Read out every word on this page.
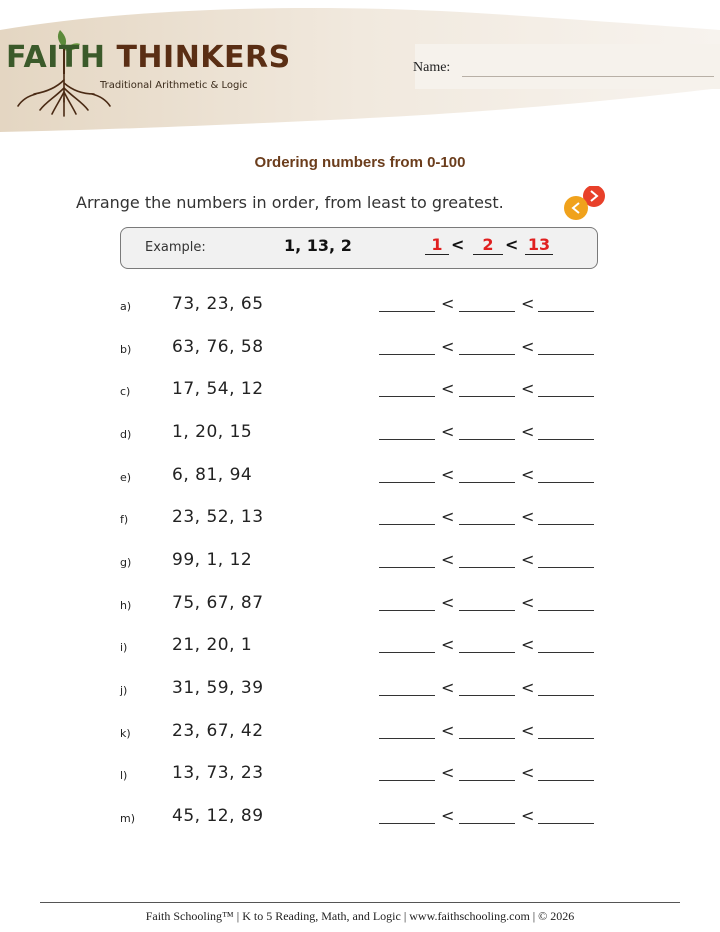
FAITH THINKERS
Traditional Arithmetic & Logic
Name:
Ordering numbers from 0-100
Arrange the numbers in order, from least to greatest.
Example:	1, 13, 2	1 <	2 < 13
a) 73, 23, 65	<	<
b) 63, 76, 58	<	<
c) 17, 54, 12	<	<
d) 1, 20, 15	<	<
e) 6, 81, 94	<	<
f)	23, 52, 13	<	<
g) 99, 1, 12	<	<
h) 75, 67, 87	<	<
i)	21, 20, 1	<	<
j)	31, 59, 39	<	<
k) 23, 67, 42	<	<
l)	13, 73, 23	<	<
m) 45, 12, 89	<	<
Faith Schooling™ | K to 5 Reading, Math, and Logic | www.faithschooling.com | © 2026
